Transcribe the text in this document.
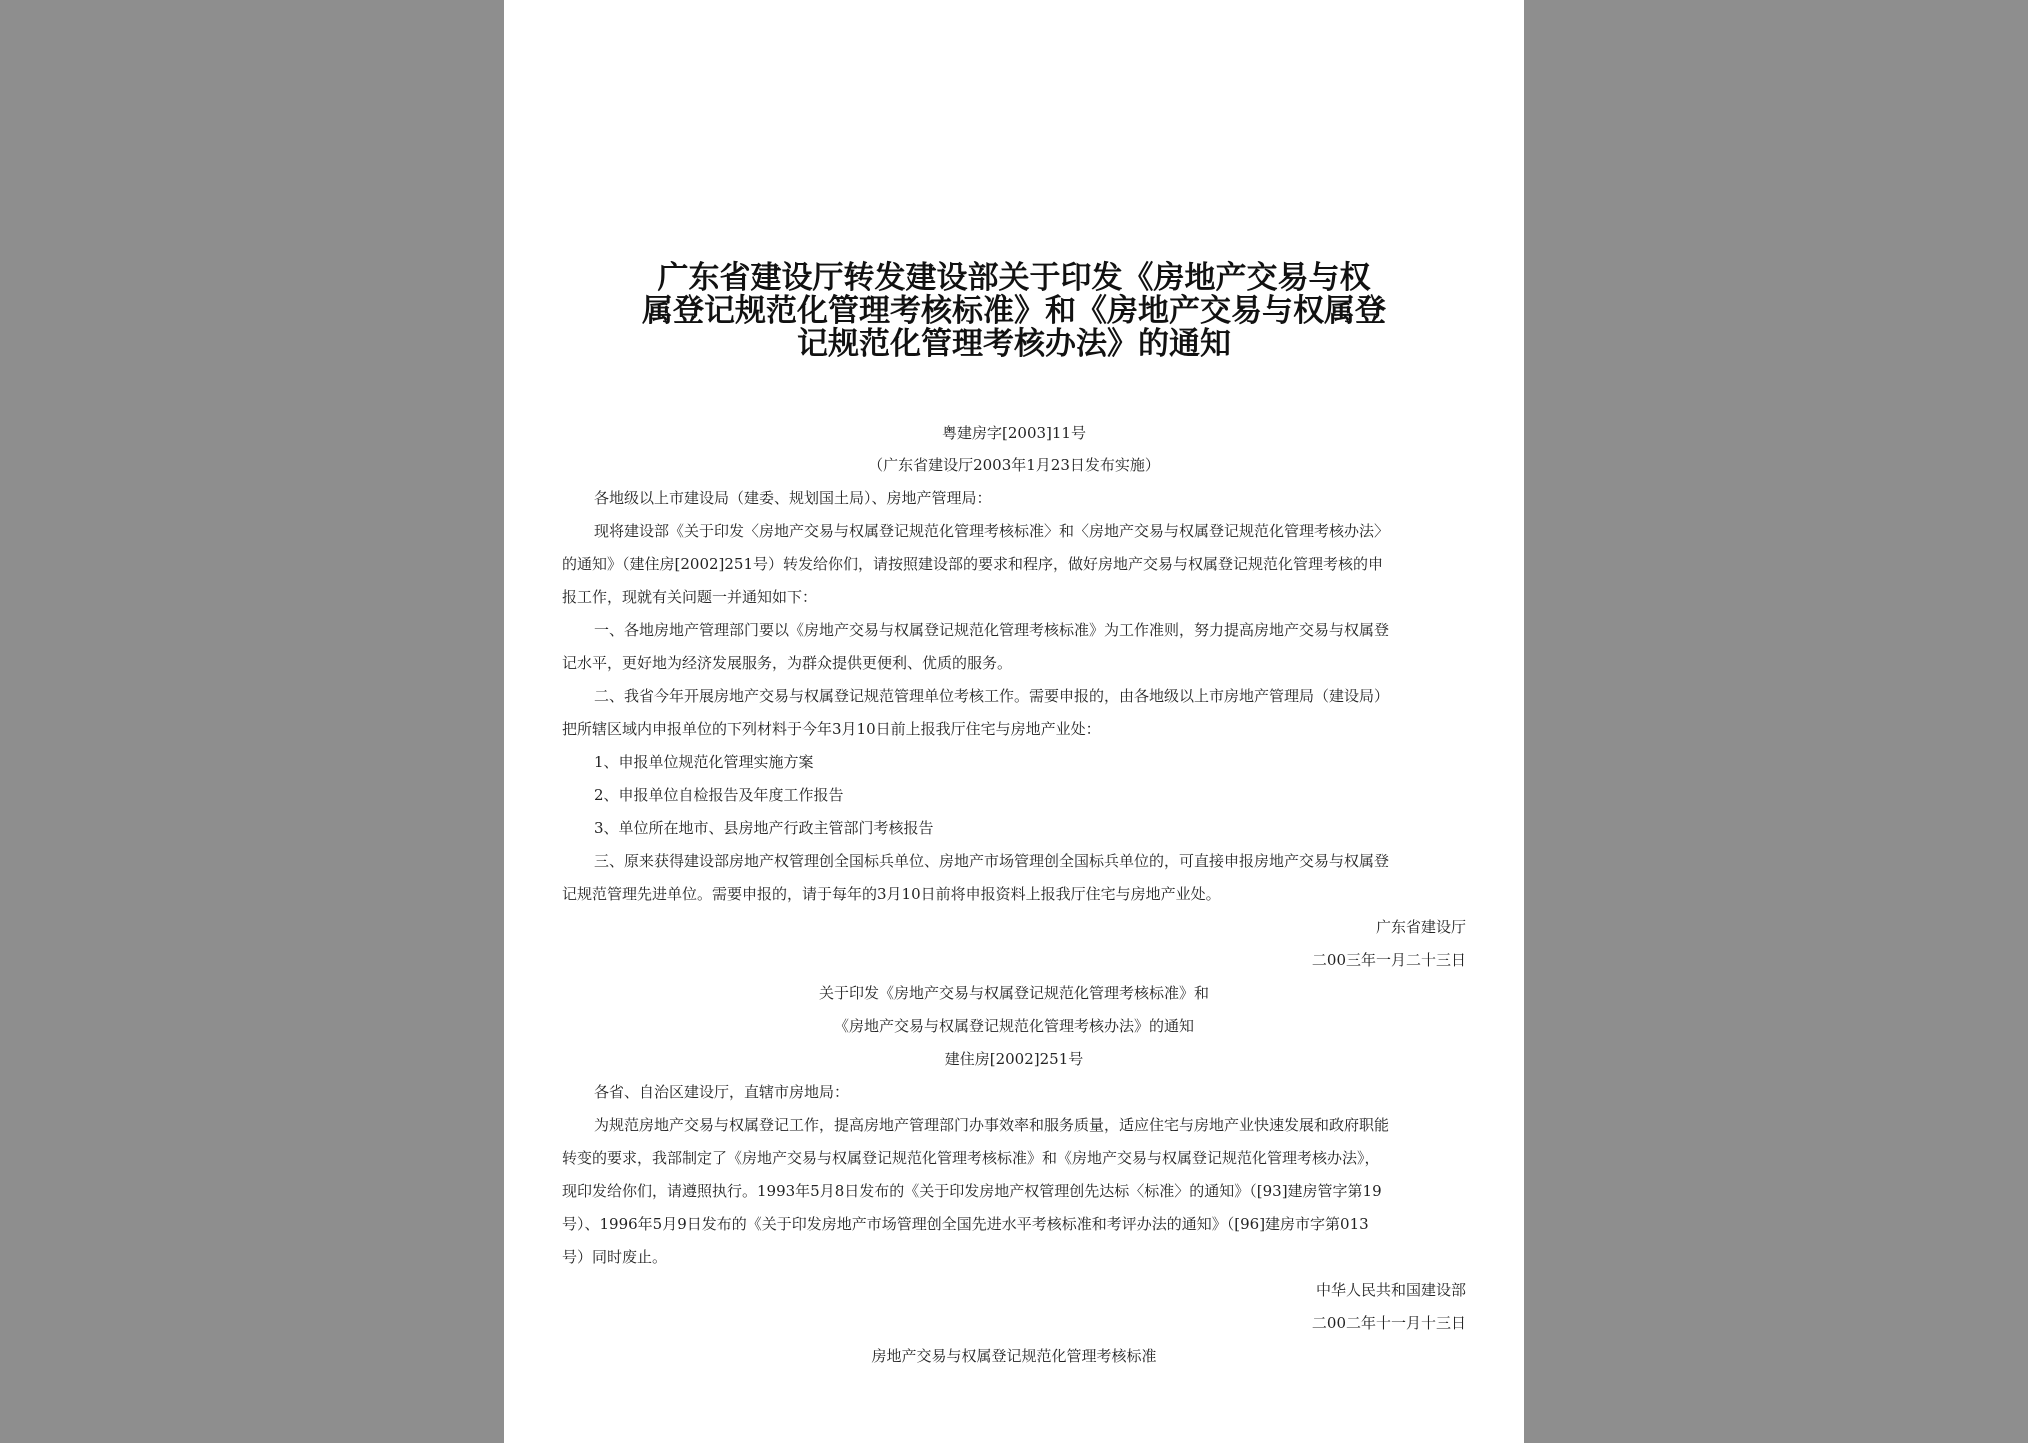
广东省建设厅转发建设部关于印发《房地产交易与权
属登记规范化管理考核标准》和《房地产交易与权属登
记规范化管理考核办法》的通知
粤建房字[2003]11号
（广东省建设厅2003年1月23日发布实施）
各地级以上市建设局（建委、规划国土局）、房地产管理局：
现将建设部《关于印发〈房地产交易与权属登记规范化管理考核标准〉和〈房地产交易与权属登记规范化管理考核办法〉
的通知》（建住房[2002]251号）转发给你们，请按照建设部的要求和程序，做好房地产交易与权属登记规范化管理考核的申
报工作，现就有关问题一并通知如下：
一、各地房地产管理部门要以《房地产交易与权属登记规范化管理考核标准》为工作准则，努力提高房地产交易与权属登
记水平，更好地为经济发展服务，为群众提供更便利、优质的服务。
二、我省今年开展房地产交易与权属登记规范管理单位考核工作。需要申报的，由各地级以上市房地产管理局（建设局）
把所辖区域内申报单位的下列材料于今年3月10日前上报我厅住宅与房地产业处：
1、申报单位规范化管理实施方案
2、申报单位自检报告及年度工作报告
3、单位所在地市、县房地产行政主管部门考核报告
三、原来获得建设部房地产权管理创全国标兵单位、房地产市场管理创全国标兵单位的，可直接申报房地产交易与权属登
记规范管理先进单位。需要申报的，请于每年的3月10日前将申报资料上报我厅住宅与房地产业处。
广东省建设厅
二00三年一月二十三日
关于印发《房地产交易与权属登记规范化管理考核标准》和
《房地产交易与权属登记规范化管理考核办法》的通知
建住房[2002]251号
各省、自治区建设厅，直辖市房地局：
为规范房地产交易与权属登记工作，提高房地产管理部门办事效率和服务质量，适应住宅与房地产业快速发展和政府职能
转变的要求，我部制定了《房地产交易与权属登记规范化管理考核标准》和《房地产交易与权属登记规范化管理考核办法》，
现印发给你们，请遵照执行。1993年5月8日发布的《关于印发房地产权管理创先达标〈标准〉的通知》（[93]建房管字第19
号）、1996年5月9日发布的《关于印发房地产市场管理创全国先进水平考核标准和考评办法的通知》（[96]建房市字第013
号）同时废止。
中华人民共和国建设部
二00二年十一月十三日
房地产交易与权属登记规范化管理考核标准
